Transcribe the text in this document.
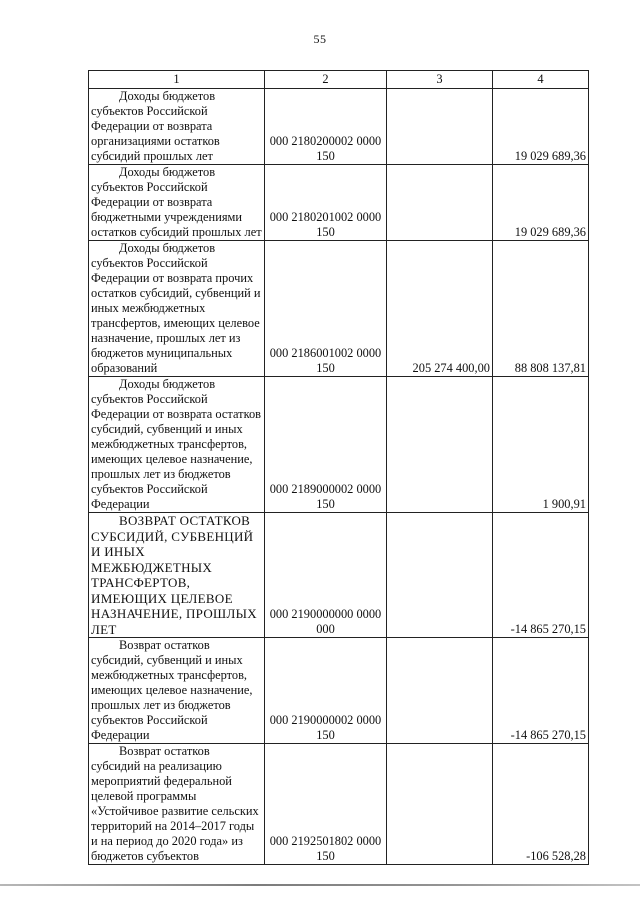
55
1	2	3	4

Доходы бюджетов субъектов Российской Федерации от возврата организациями остатков субсидий прошлых лет	000 2180200002 0000 150		19 029 689,36

Доходы бюджетов субъектов Российской Федерации от возврата бюджетными учреждениями остатков субсидий прошлых лет	000 2180201002 0000 150		19 029 689,36

Доходы бюджетов субъектов Российской Федерации от возврата прочих остатков субсидий, субвенций и иных межбюджетных трансфертов, имеющих целевое назначение, прошлых лет из бюджетов муниципальных образований	000 2186001002 0000 150	205 274 400,00	88 808 137,81

Доходы бюджетов субъектов Российской Федерации от возврата остатков субсидий, субвенций и иных межбюджетных трансфертов, имеющих целевое назначение, прошлых лет из бюджетов субъектов Российской Федерации	000 2189000002 0000 150		1 900,91

ВОЗВРАТ ОСТАТКОВ СУБСИДИЙ, СУБВЕНЦИЙ И ИНЫХ МЕЖБЮДЖЕТНЫХ ТРАНСФЕРТОВ, ИМЕЮЩИХ ЦЕЛЕВОЕ НАЗНАЧЕНИЕ, ПРОШЛЫХ ЛЕТ	000 2190000000 0000 000		-14 865 270,15

Возврат остатков субсидий, субвенций и иных межбюджетных трансфертов, имеющих целевое назначение, прошлых лет из бюджетов субъектов Российской Федерации	000 2190000002 0000 150		-14 865 270,15

Возврат остатков субсидий на реализацию мероприятий федеральной целевой программы «Устойчивое развитие сельских территорий на 2014–2017 годы и на период до 2020 года» из бюджетов субъектов	000 2192501802 0000 150		-106 528,28
